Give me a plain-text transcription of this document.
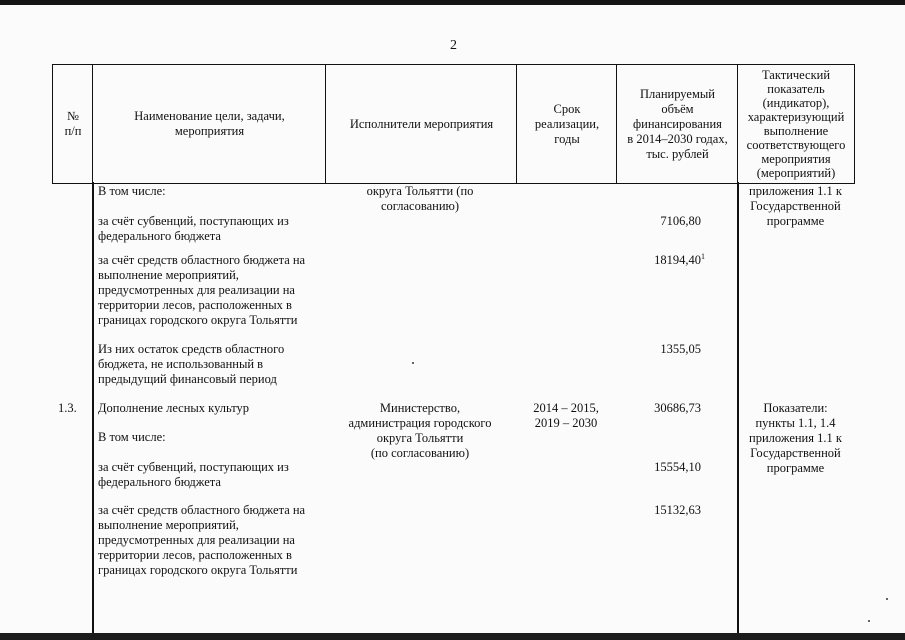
2
№
п/п
Наименование цели, задачи,
мероприятия
Исполнители мероприятия
Срок
реализации,
годы
Планируемый
объём
финансирования
в 2014–2030 годах,
тыс. рублей
Тактический
показатель
(индикатор),
характеризующий
выполнение
соответствующего
мероприятия
(мероприятий)
В том числе:
за счёт субвенций, поступающих из
федерального бюджета
за счёт средств областного бюджета на
выполнение мероприятий,
предусмотренных для реализации на
территории лесов, расположенных в
границах городского округа Тольятти
Из них остаток средств областного
бюджета, не использованный в
предыдущий финансовый период
округа Тольятти (по
согласованию)
7106,80
18194,40$^1$
1355,05
приложения 1.1 к
Государственной
программе
1.3.	Дополнение лесных культур
В том числе:
за счёт субвенций, поступающих из
федерального бюджета
за счёт средств областного бюджета на
выполнение мероприятий,
предусмотренных для реализации на
территории лесов, расположенных в
границах городского округа Тольятти
Министерство,
администрация городского
округа Тольятти
(по согласованию)
2014 – 2015,
2019 – 2030
30686,73
15554,10
15132,63
Показатели:
пункты 1.1, 1.4
приложения 1.1 к
Государственной
программе
